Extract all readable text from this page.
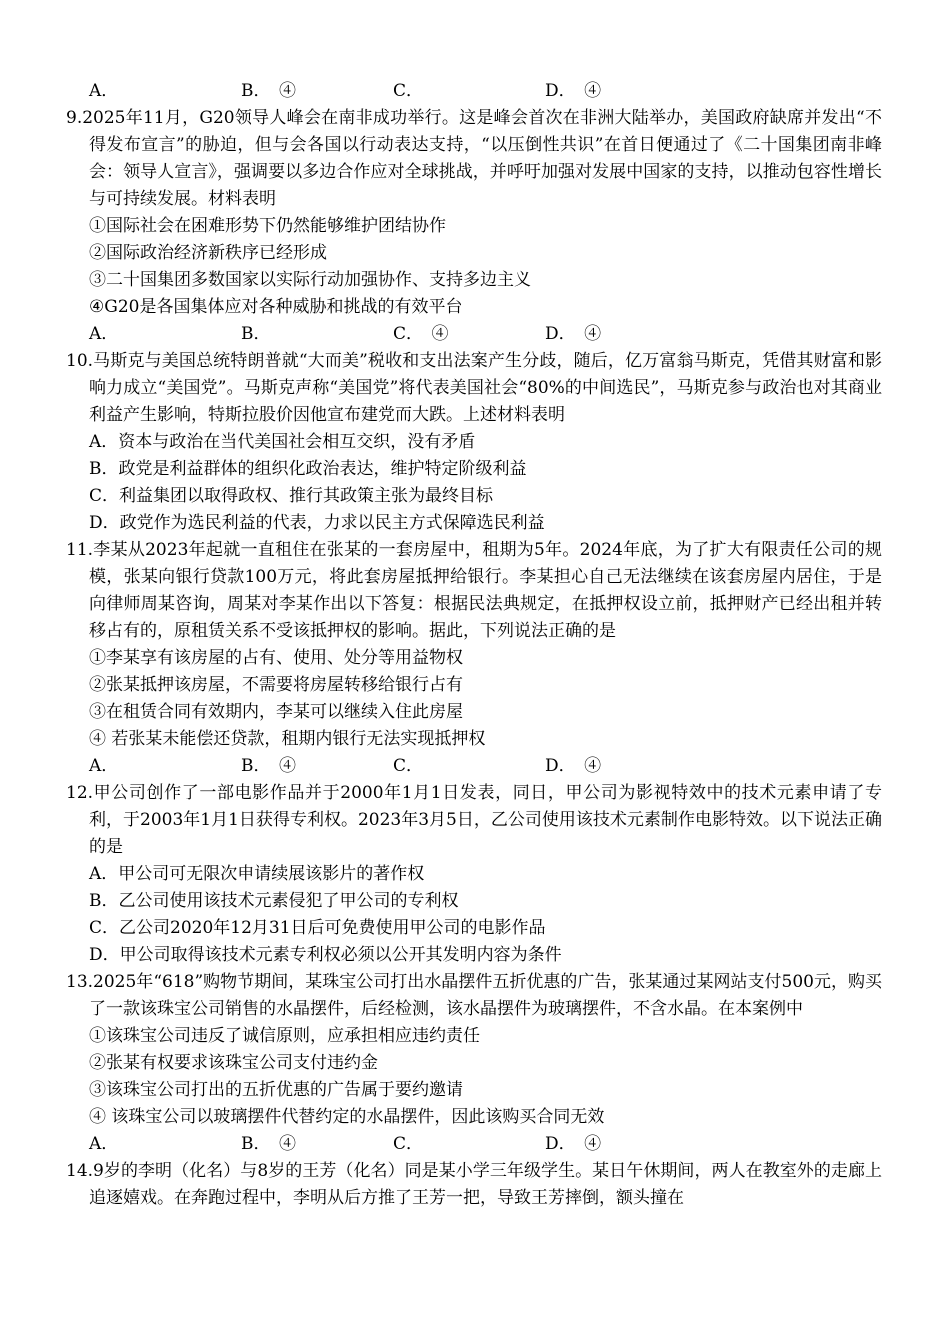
A．	B．　④	C．	D．　④
9.2025年11月，G20领导人峰会在南非成功举行。这是峰会首次在非洲大陆举办，美国政府缺席并发出“不得发布宣言”的胁迫，但与会各国以行动表达支持，“以压倒性共识”在首日便通过了《二十国集团南非峰会：领导人宣言》，强调要以多边合作应对全球挑战，并呼吁加强对发展中国家的支持，以推动包容性增长与可持续发展。材料表明
①国际社会在困难形势下仍然能够维护团结协作
②国际政治经济新秩序已经形成
③二十国集团多数国家以实际行动加强协作、支持多边主义
④G20是各国集体应对各种威胁和挑战的有效平台
A．	B．	C．　④	D．　④
10.马斯克与美国总统特朗普就“大而美”税收和支出法案产生分歧，随后，亿万富翁马斯克，凭借其财富和影响力成立“美国党”。马斯克声称“美国党”将代表美国社会“80%的中间选民”，马斯克参与政治也对其商业利益产生影响，特斯拉股价因他宣布建党而大跌。上述材料表明
A．资本与政治在当代美国社会相互交织，没有矛盾
B．政党是利益群体的组织化政治表达，维护特定阶级利益
C．利益集团以取得政权、推行其政策主张为最终目标
D．政党作为选民利益的代表，力求以民主方式保障选民利益
11.李某从2023年起就一直租住在张某的一套房屋中，租期为5年。2024年底，为了扩大有限责任公司的规模，张某向银行贷款100万元，将此套房屋抵押给银行。李某担心自己无法继续在该套房屋内居住，于是向律师周某咨询，周某对李某作出以下答复：根据民法典规定，在抵押权设立前，抵押财产已经出租并转移占有的，原租赁关系不受该抵押权的影响。据此，下列说法正确的是
①李某享有该房屋的占有、使用、处分等用益物权
②张某抵押该房屋，不需要将房屋转移给银行占有
③在租赁合同有效期内，李某可以继续入住此房屋
④ 若张某未能偿还贷款，租期内银行无法实现抵押权
A．	B．　④	C．	D．　④
12.甲公司创作了一部电影作品并于2000年1月1日发表，同日，甲公司为影视特效中的技术元素申请了专利，于2003年1月1日获得专利权。2023年3月5日，乙公司使用该技术元素制作电影特效。以下说法正确的是
A．甲公司可无限次申请续展该影片的著作权
B．乙公司使用该技术元素侵犯了甲公司的专利权
C．乙公司2020年12月31日后可免费使用甲公司的电影作品
D．甲公司取得该技术元素专利权必须以公开其发明内容为条件
13.2025年“618”购物节期间，某珠宝公司打出水晶摆件五折优惠的广告，张某通过某网站支付500元，购买了一款该珠宝公司销售的水晶摆件，后经检测，该水晶摆件为玻璃摆件，不含水晶。在本案例中
①该珠宝公司违反了诚信原则，应承担相应违约责任
②张某有权要求该珠宝公司支付违约金
③该珠宝公司打出的五折优惠的广告属于要约邀请
④ 该珠宝公司以玻璃摆件代替约定的水晶摆件，因此该购买合同无效
A．	B．　④	C．	D．　④
14.9岁的李明（化名）与8岁的王芳（化名）同是某小学三年级学生。某日午休期间，两人在教室外的走廊上追逐嬉戏。在奔跑过程中，李明从后方推了王芳一把，导致王芳摔倒，额头撞在
